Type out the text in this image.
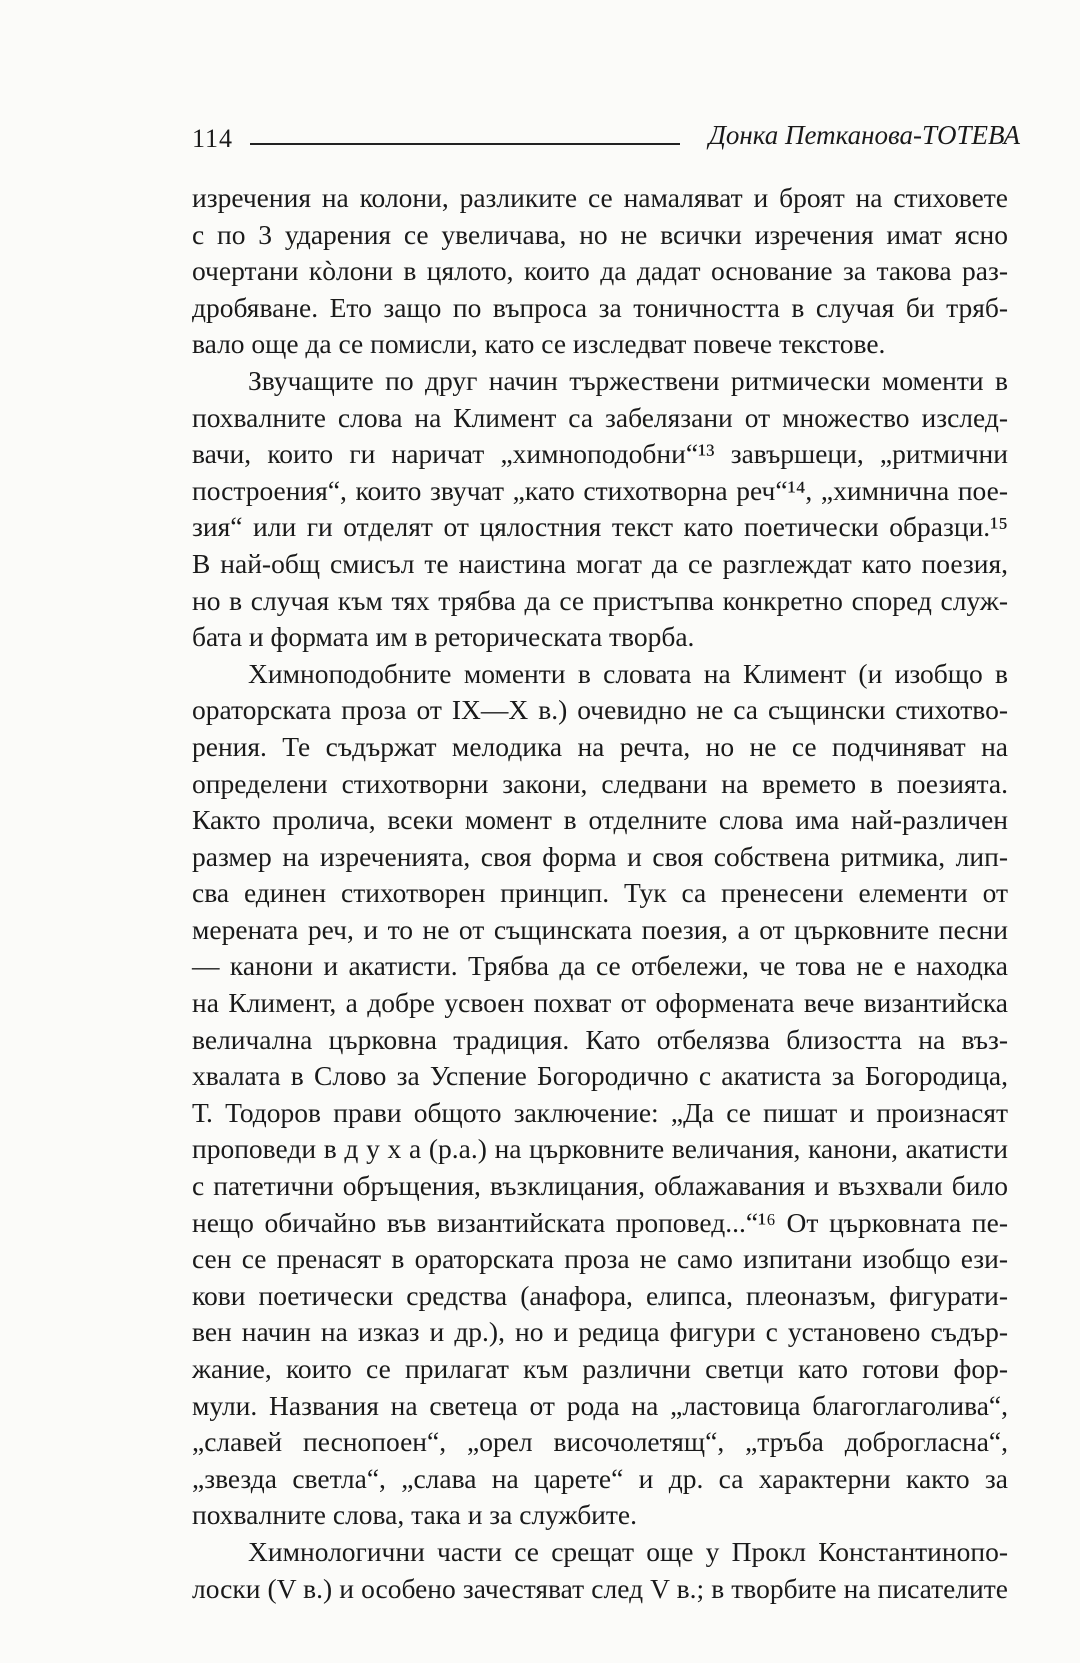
114	Донка Петканова-ТОТЕВА
изречения на колони, разликите се намаляват и броят на стиховете
с по 3 ударения се увеличава, но не всички изречения имат ясно
очертани кòлони в цялото, които да дадат основание за такова раз-
дробяване. Ето защо по въпроса за тоничността в случая би тряб-
вало още да се помисли, като се изследват повече текстове.
Звучащите по друг начин тържествени ритмически моменти в
похвалните слова на Климент са забелязани от множество изслед-
вачи, които ги наричат „химноподобни“¹³ завършеци, „ритмични
построения“, които звучат „като стихотворна реч“¹⁴, „химнична пое-
зия“ или ги отделят от цялостния текст като поетически образци.¹⁵
В най-общ смисъл те наистина могат да се разглеждат като поезия,
но в случая към тях трябва да се пристъпва конкретно според служ-
бата и формата им в реторическата творба.
Химноподобните моменти в словата на Климент (и изобщо в
ораторската проза от IX—X в.) очевидно не са същински стихотво-
рения. Те съдържат мелодика на речта, но не се подчиняват на
определени стихотворни закони, следвани на времето в поезията.
Както пролича, всеки момент в отделните слова има най-различен
размер на изреченията, своя форма и своя собствена ритмика, лип-
сва единен стихотворен принцип. Тук са пренесени елементи от
мерената реч, и то не от същинската поезия, а от църковните песни
— канони и акатисти. Трябва да се отбележи, че това не е находка
на Климент, а добре усвоен похват от оформената вече византийска
величална църковна традиция. Като отбелязва близостта на въз-
хвалата в Слово за Успение Богородично с акатиста за Богородица,
Т. Тодоров прави общото заключение: „Да се пишат и произнасят
проповеди в д у х а (р.а.) на църковните величания, канони, акатисти
с патетични обръщения, възклицания, облажавания и възхвали било
нещо обичайно във византийската проповед...“¹⁶ От църковната пе-
сен се пренасят в ораторската проза не само изпитани изобщо ези-
кови поетически средства (анафора, елипса, плеоназъм, фигурати-
вен начин на изказ и др.), но и редица фигури с установено съдър-
жание, които се прилагат към различни светци като готови фор-
мули. Названия на светеца от рода на „ластовица благоглаголива“,
„славей песнопоен“, „орел височолетящ“, „тръба доброгласна“,
„звезда светла“, „слава на царете“ и др. са характерни както за
похвалните слова, така и за службите.
Химнологични части се срещат още у Прокл Константинопо-
лоски (V в.) и особено зачестяват след V в.; в творбите на писателите
